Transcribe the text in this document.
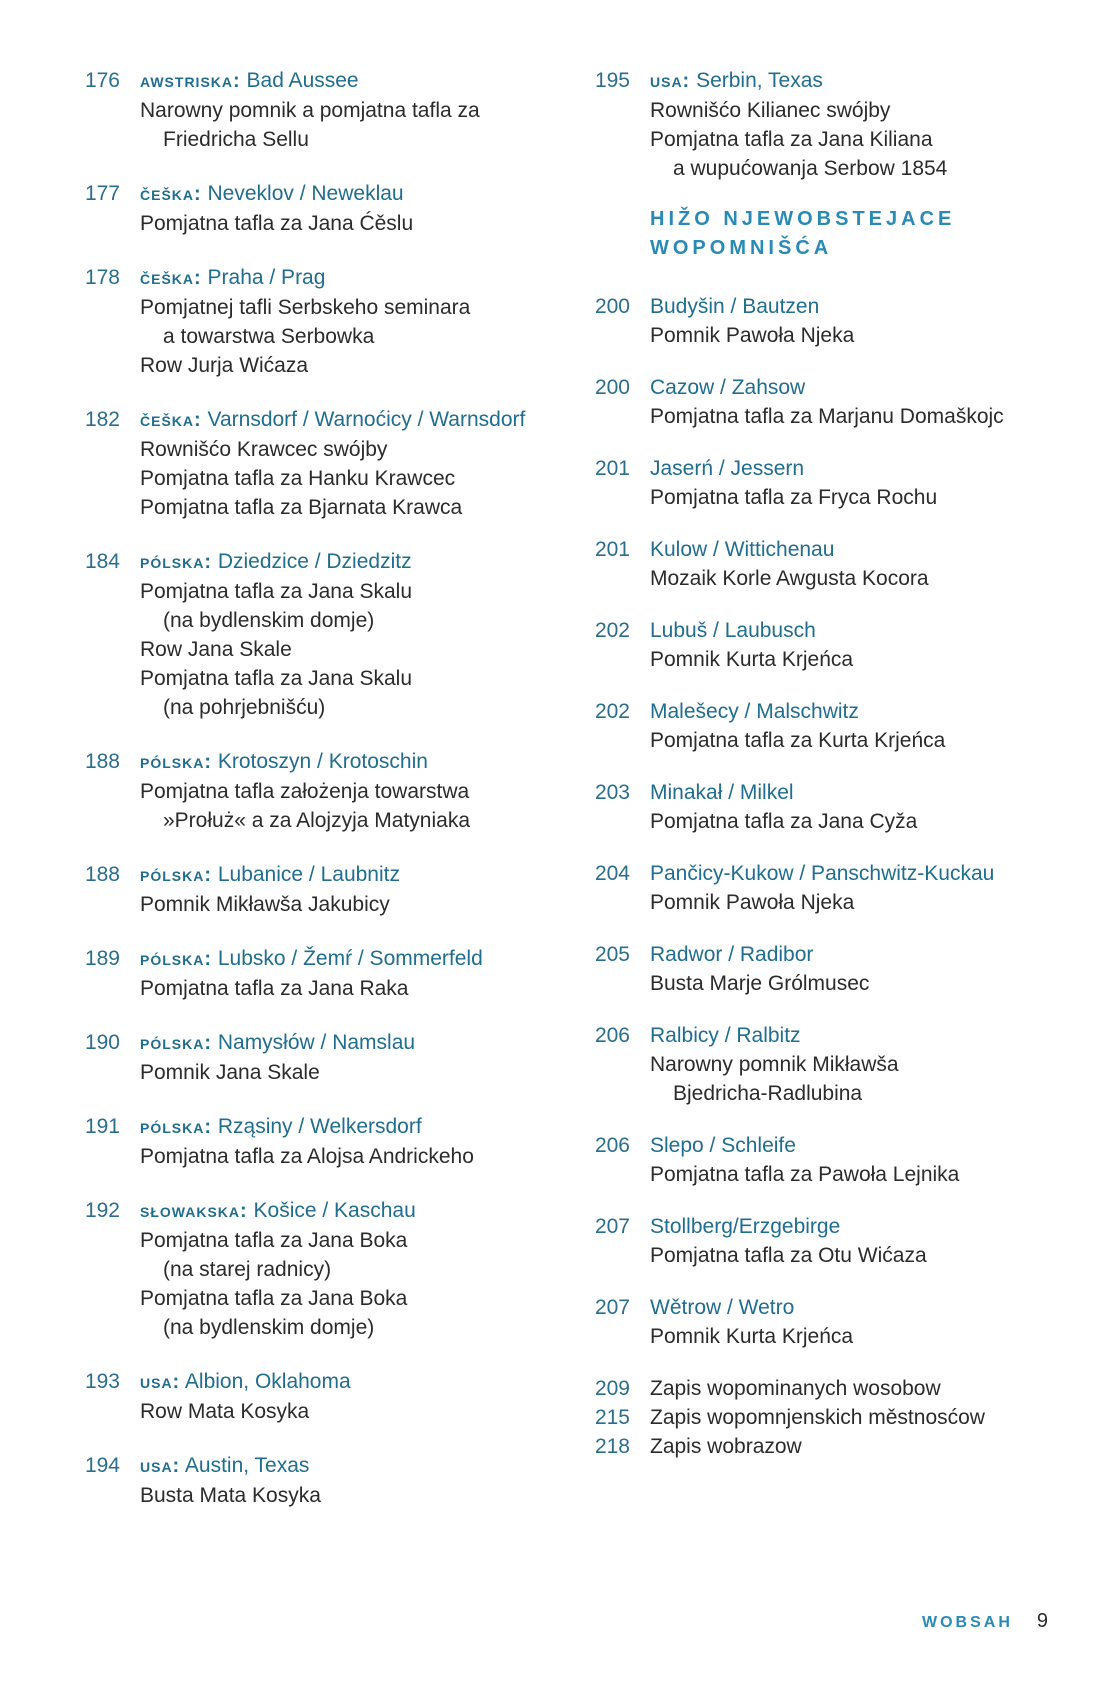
176	awstriska: Bad Aussee
Narowny pomnik a pomjatna tafla za
Friedricha Sellu
177	češka: Neveklov / Neweklau
Pomjatna tafla za Jana Ćěslu
178	češka: Praha / Prag
Pomjatnej tafli Serbskeho seminara
a towarstwa Serbowka
Row Jurja Wićaza
182	češka: Varnsdorf / Warnoćicy / Warnsdorf
Rownišćo Krawcec swójby
Pomjatna tafla za Hanku Krawcec
Pomjatna tafla za Bjarnata Krawca
184	pólska: Dziedzice / Dziedzitz
Pomjatna tafla za Jana Skalu
(na bydlenskim domje)
Row Jana Skale
Pomjatna tafla za Jana Skalu
(na pohrjebnišću)
188	pólska: Krotoszyn / Krotoschin
Pomjatna tafla założenja towarstwa
»Prołuż« a za Alojzyja Matyniaka
188	pólska: Lubanice / Laubnitz
Pomnik Mikławša Jakubicy
189	pólska: Lubsko / Žemŕ / Sommerfeld
Pomjatna tafla za Jana Raka
190	pólska: Namysłów / Namslau
Pomnik Jana Skale
191	pólska: Rząsiny / Welkersdorf
Pomjatna tafla za Alojsa Andrickeho
192	słowakska: Košice / Kaschau
Pomjatna tafla za Jana Boka
(na starej radnicy)
Pomjatna tafla za Jana Boka
(na bydlenskim domje)
193	usa: Albion, Oklahoma
Row Mata Kosyka
194	usa: Austin, Texas
Busta Mata Kosyka
195	usa: Serbin, Texas
Rownišćo Kilianec swójby
Pomjatna tafla za Jana Kiliana
a wupućowanja Serbow 1854
HIŽO NJEWOBSTEJACE
WOPOMNIŠĆA
200 Budyšin / Bautzen
Pomnik Pawoła Njeka
200 Cazow / Zahsow
Pomjatna tafla za Marjanu Domaškojc
201 Jaserń / Jessern
Pomjatna tafla za Fryca Rochu
201 Kulow / Wittichenau
Mozaik Korle Awgusta Kocora
202 Lubuš / Laubusch
Pomnik Kurta Krjeńca
202 Malešecy / Malschwitz
Pomjatna tafla za Kurta Krjeńca
203 Minakał / Milkel
Pomjatna tafla za Jana Cyža
204 Pančicy-Kukow / Panschwitz-Kuckau
Pomnik Pawoła Njeka
205 Radwor / Radibor
Busta Marje Grólmusec
206 Ralbicy / Ralbitz
Narowny pomnik Mikławša
Bjedricha-Radlubina
206 Slepo / Schleife
Pomjatna tafla za Pawoła Lejnika
207 Stollberg/Erzgebirge
Pomjatna tafla za Otu Wićaza
207 Wětrow / Wetro
Pomnik Kurta Krjeńca
209 Zapis wopominanych wosobow
215 Zapis wopomnjenskich městnosćow
218 Zapis wobrazow
WOBSAH 9
